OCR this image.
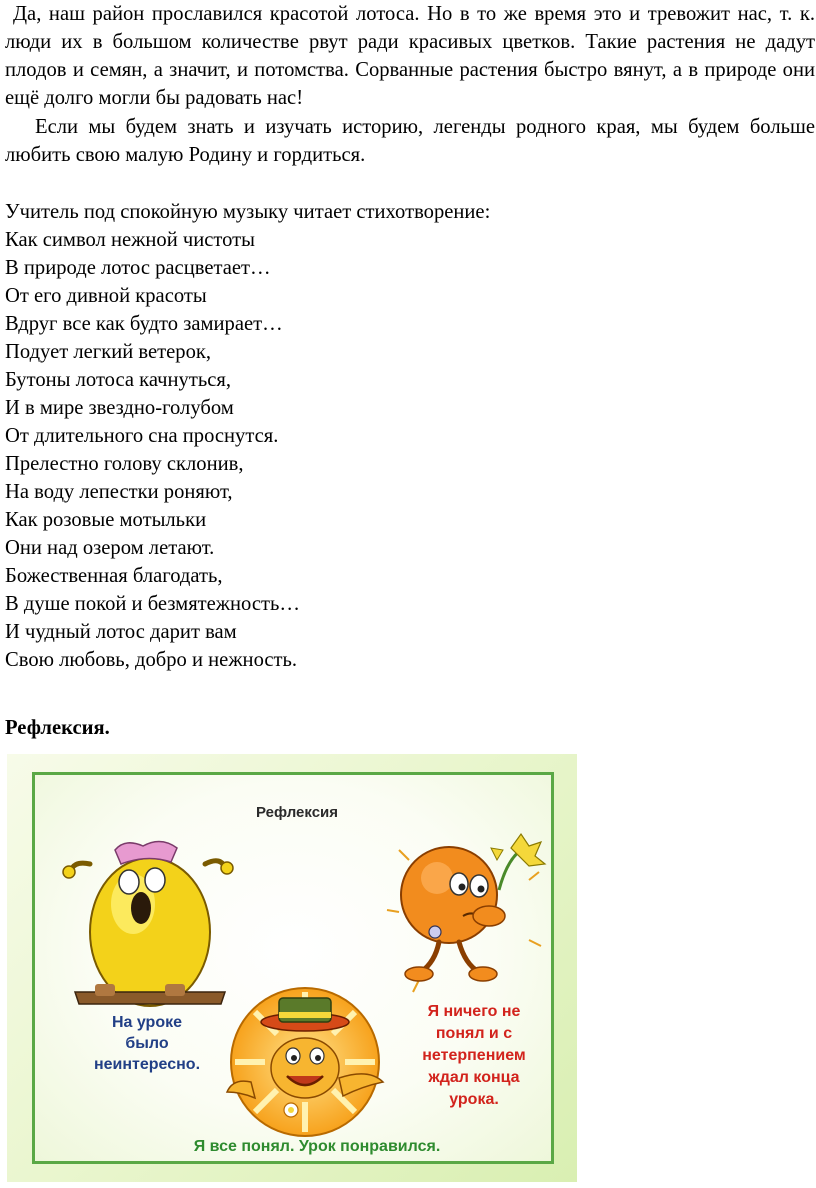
Да, наш район прославился красотой лотоса. Но в то же время это и тревожит нас, т. к. люди их в большом количестве рвут ради красивых цветков. Такие растения не дадут плодов и семян, а значит, и потомства. Сорванные растения быстро вянут, а в природе они ещё долго могли бы радовать нас!

Если мы будем знать и изучать историю, легенды родного края, мы будем больше любить свою малую Родину и гордиться.

Учитель под спокойную музыку читает стихотворение:

Как символ нежной чистоты
В природе лотос расцветает…
От его дивной красоты
Вдруг все как будто замирает…
Подует легкий ветерок,
Бутоны лотоса качнуться,
И в мире звездно-голубом
От длительного сна проснутся.
Прелестно голову склонив,
На воду лепестки роняют,
Как розовые мотыльки
Они над озером летают.
Божественная благодать,
В душе покой и безмятежность…
И чудный лотос дарит вам
Свою любовь, добро и нежность.

Рефлексия.

Рефлексия
На уроке
было
неинтересно.
Я ничего не
понял и с
нетерпением
ждал конца
урока.
Я все понял. Урок понравился.
